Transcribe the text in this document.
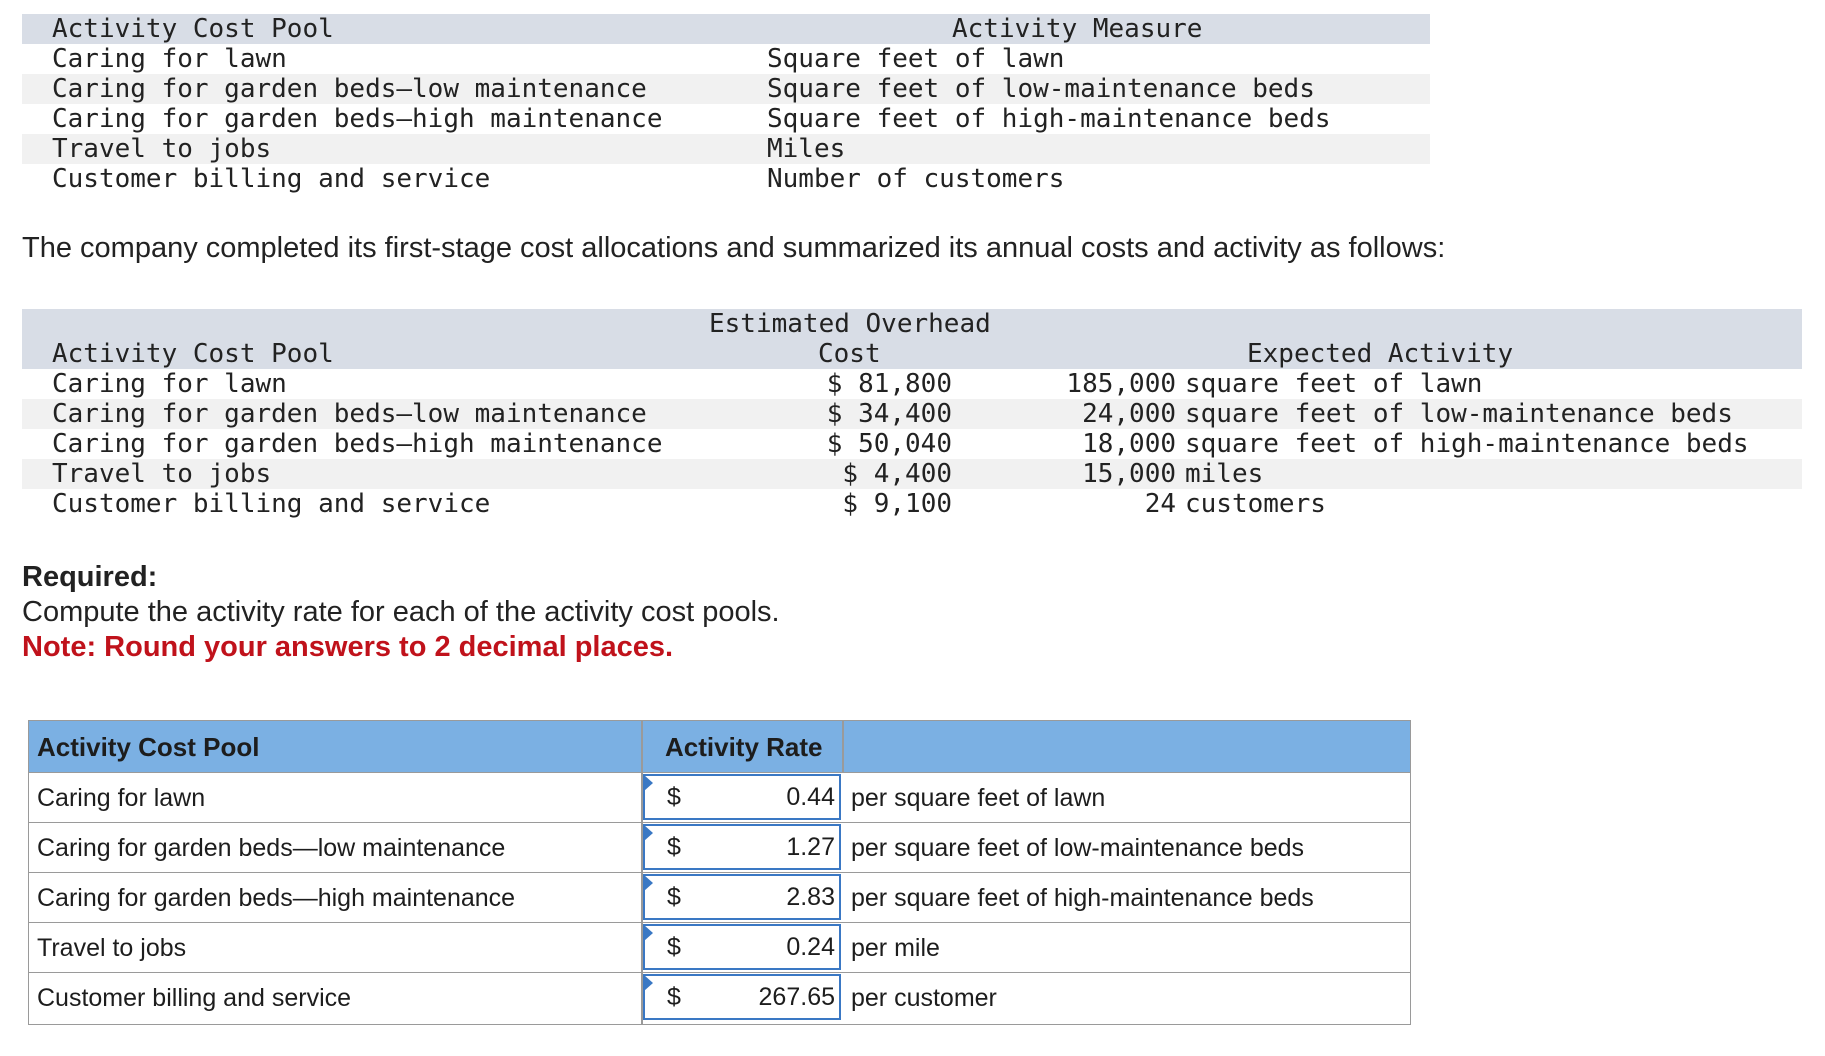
Activity Cost Pool	Activity Measure
Caring for lawn	Square feet of lawn
Caring for garden beds–low maintenance	Square feet of low-maintenance beds
Caring for garden beds–high maintenance	Square feet of high-maintenance beds
Travel to jobs	Miles
Customer billing and service	Number of customers
The company completed its first-stage cost allocations and summarized its annual costs and activity as follows:
Estimated Overhead
Activity Cost Pool	Cost	Expected Activity
Caring for lawn	$ 81,800	185,000 square feet of lawn
Caring for garden beds–low maintenance	$ 34,400	24,000 square feet of low-maintenance beds
Caring for garden beds–high maintenance	$ 50,040	18,000 square feet of high-maintenance beds
Travel to jobs	$ 4,400	15,000 miles
Customer billing and service	$ 9,100	24 customers
Required:
Compute the activity rate for each of the activity cost pools.
Note: Round your answers to 2 decimal places.
Activity Cost Pool	Activity Rate
Caring for lawn	$	0.44 per square feet of lawn
Caring for garden beds—low maintenance	$	1.27 per square feet of low-maintenance beds
Caring for garden beds—high maintenance	$	2.83 per square feet of high-maintenance beds
Travel to jobs	$	0.24 per mile
Customer billing and service	$	267.65 per customer
